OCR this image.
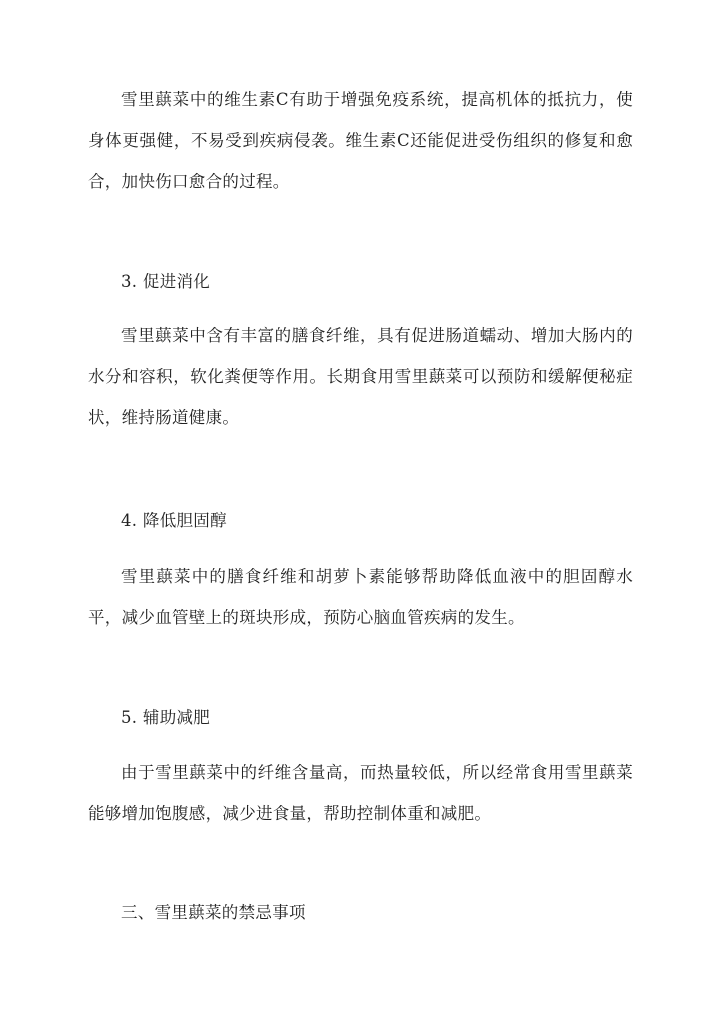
雪里蕻菜中的维生素C有助于增强免疫系统，提高机体的抵抗力，使身体更强健，不易受到疾病侵袭。维生素C还能促进受伤组织的修复和愈合，加快伤口愈合的过程。

3. 促进消化

雪里蕻菜中含有丰富的膳食纤维，具有促进肠道蠕动、增加大肠内的水分和容积，软化粪便等作用。长期食用雪里蕻菜可以预防和缓解便秘症状，维持肠道健康。

4. 降低胆固醇

雪里蕻菜中的膳食纤维和胡萝卜素能够帮助降低血液中的胆固醇水平，减少血管壁上的斑块形成，预防心脑血管疾病的发生。

5. 辅助减肥

由于雪里蕻菜中的纤维含量高，而热量较低，所以经常食用雪里蕻菜能够增加饱腹感，减少进食量，帮助控制体重和减肥。

三、雪里蕻菜的禁忌事项
